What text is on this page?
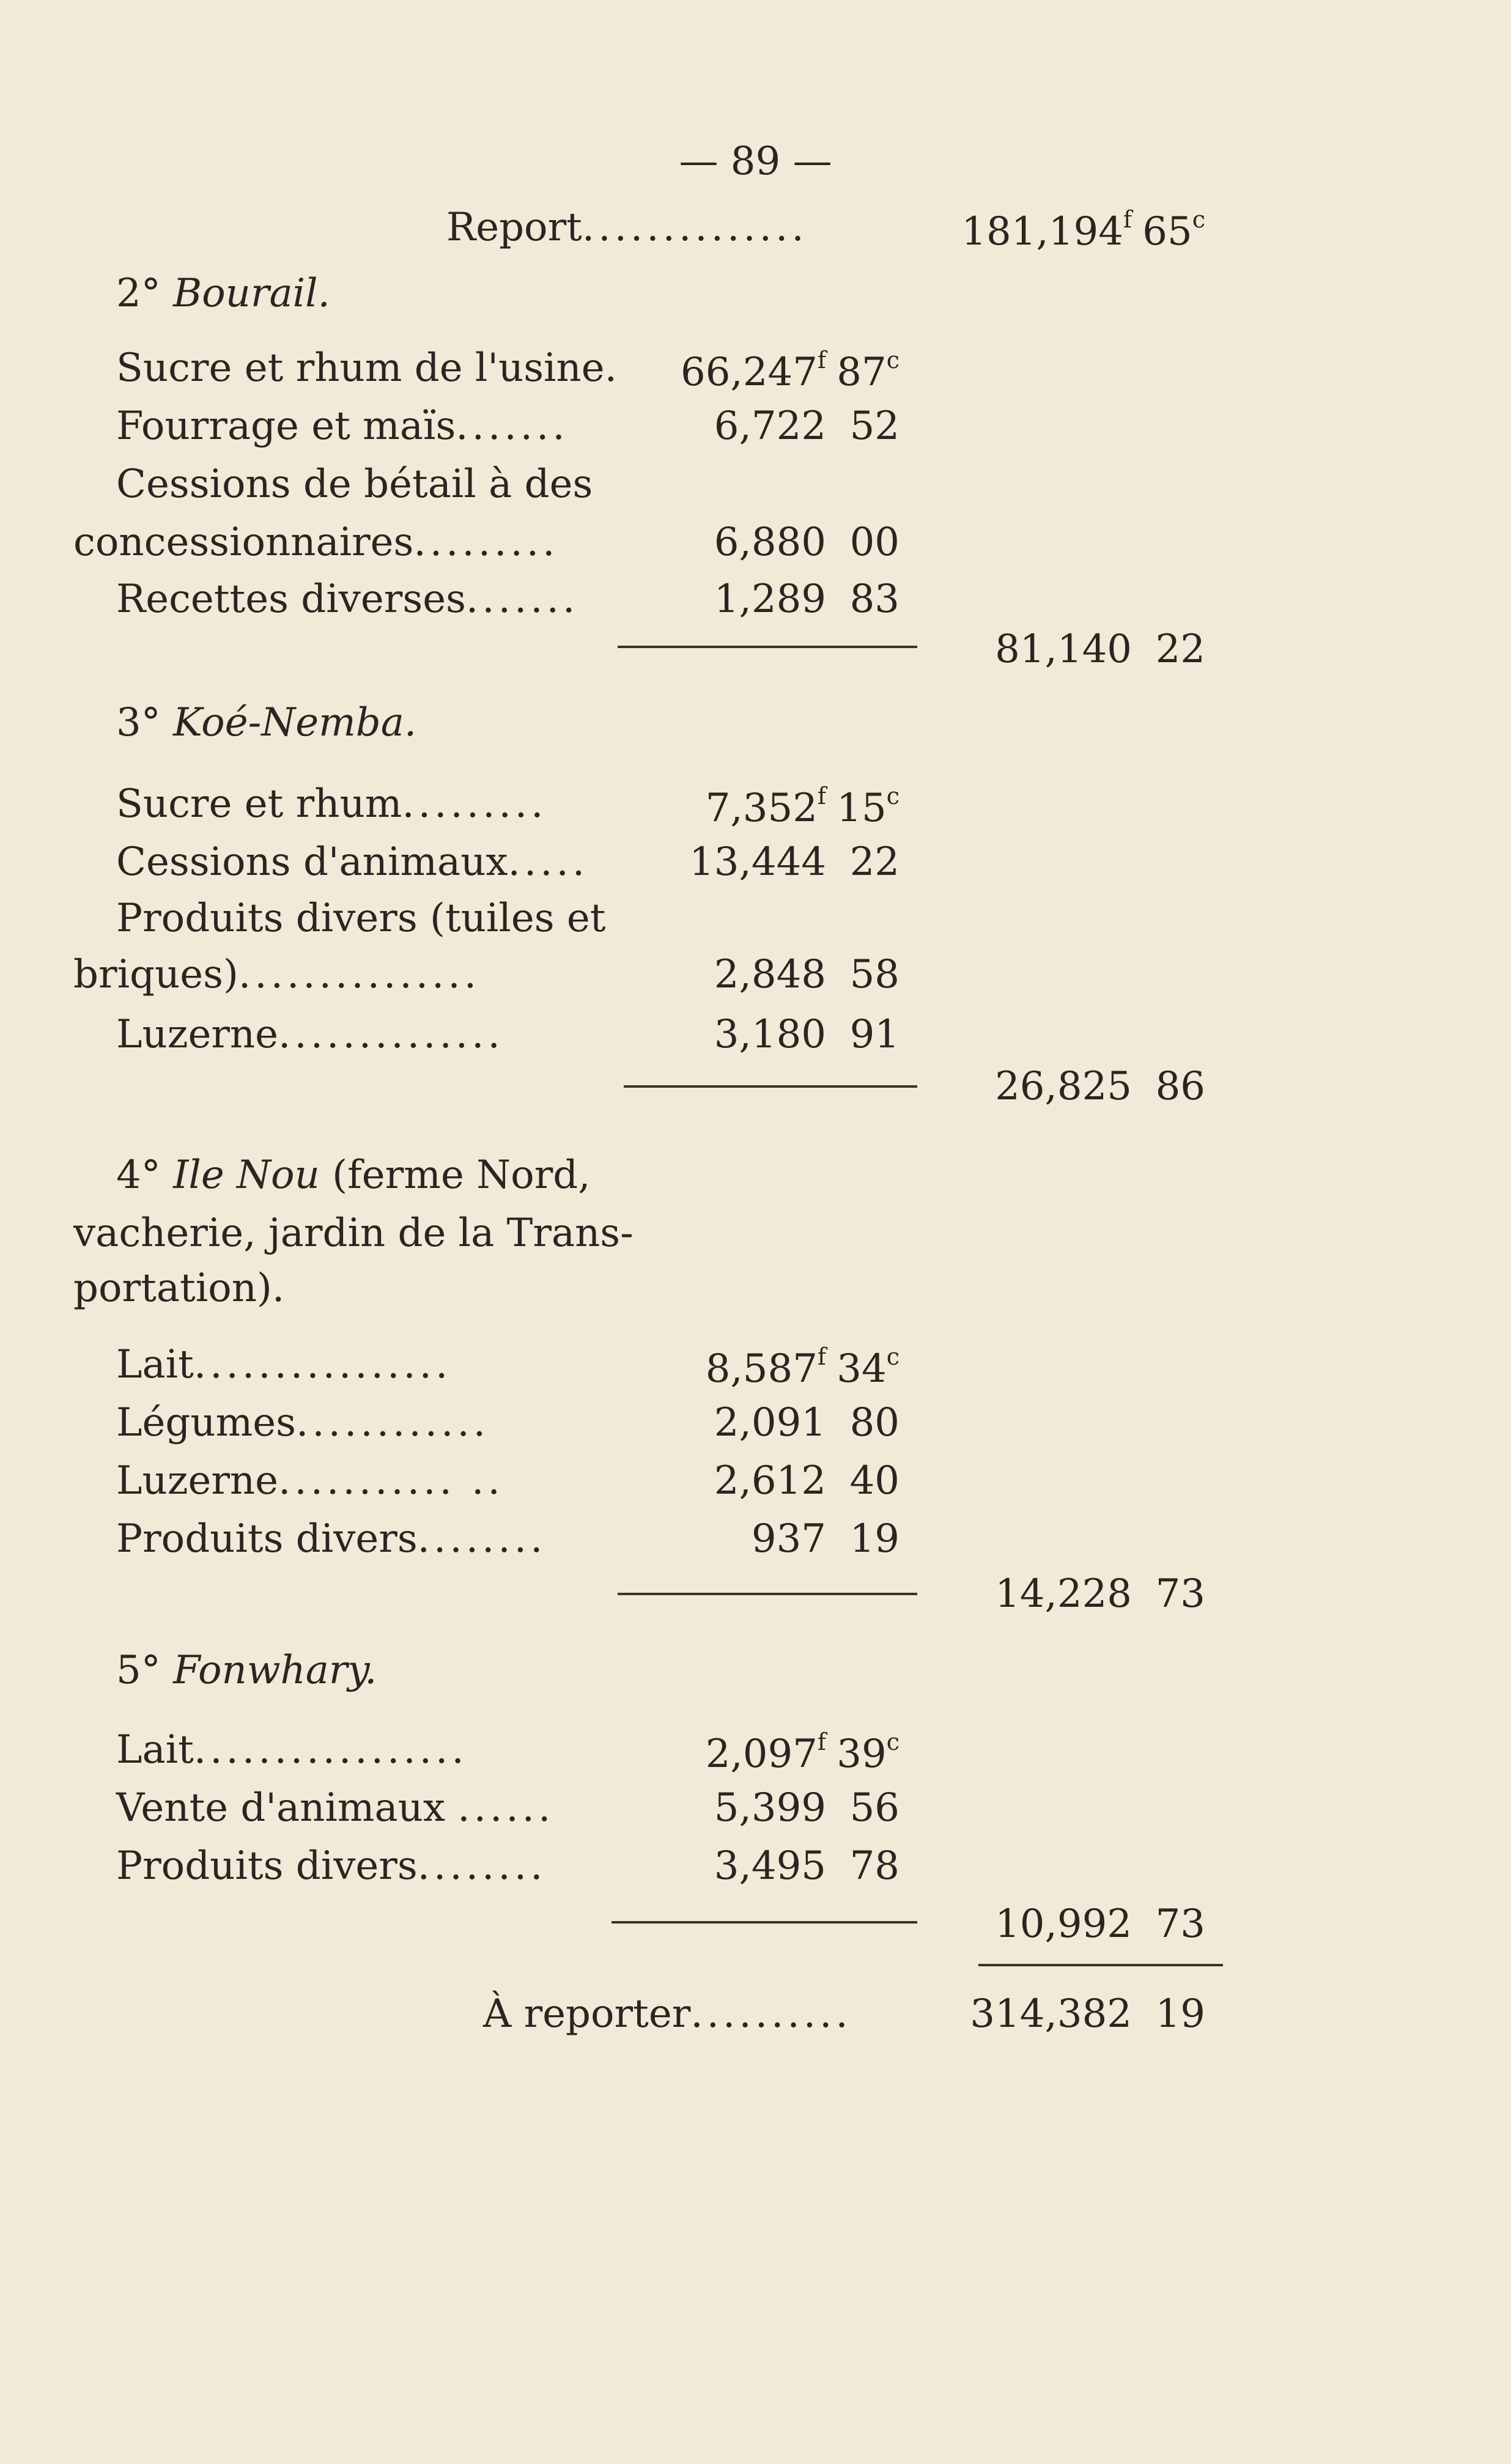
— 89 —
Report..............	181,194$^f$ 65$^c$
2° Bourail.
Sucre et rhum de l'usine. 66,247$^f$ 87$^c$
Fourrage et maïs.......	6,722 52
Cessions de bétail à des
concessionnaires.........	6,880 00
Recettes diverses.......	1,289 83
81,140 22
3° Koé-Nemba.
Sucre et rhum.........	7,352$^f$ 15$^c$
Cessions d'animaux.....	13,444 22
Produits divers (tuiles et
briques)...............	2,848 58
Luzerne..............	3,180 91
26,825 86
4° Ile Nou (ferme Nord,
vacherie, jardin de la Trans-
portation).
Lait................	8,587$^f$ 34$^c$
Légumes............	2,091 80
Luzerne........... ..	2,612 40
Produits divers........	937 19
14,228 73
5° Fonwhary.
Lait.................	2,097$^f$ 39$^c$
Vente d'animaux ......	5,399 56
Produits divers........	3,495 78
10,992 73
À reporter..........	314,382 19
